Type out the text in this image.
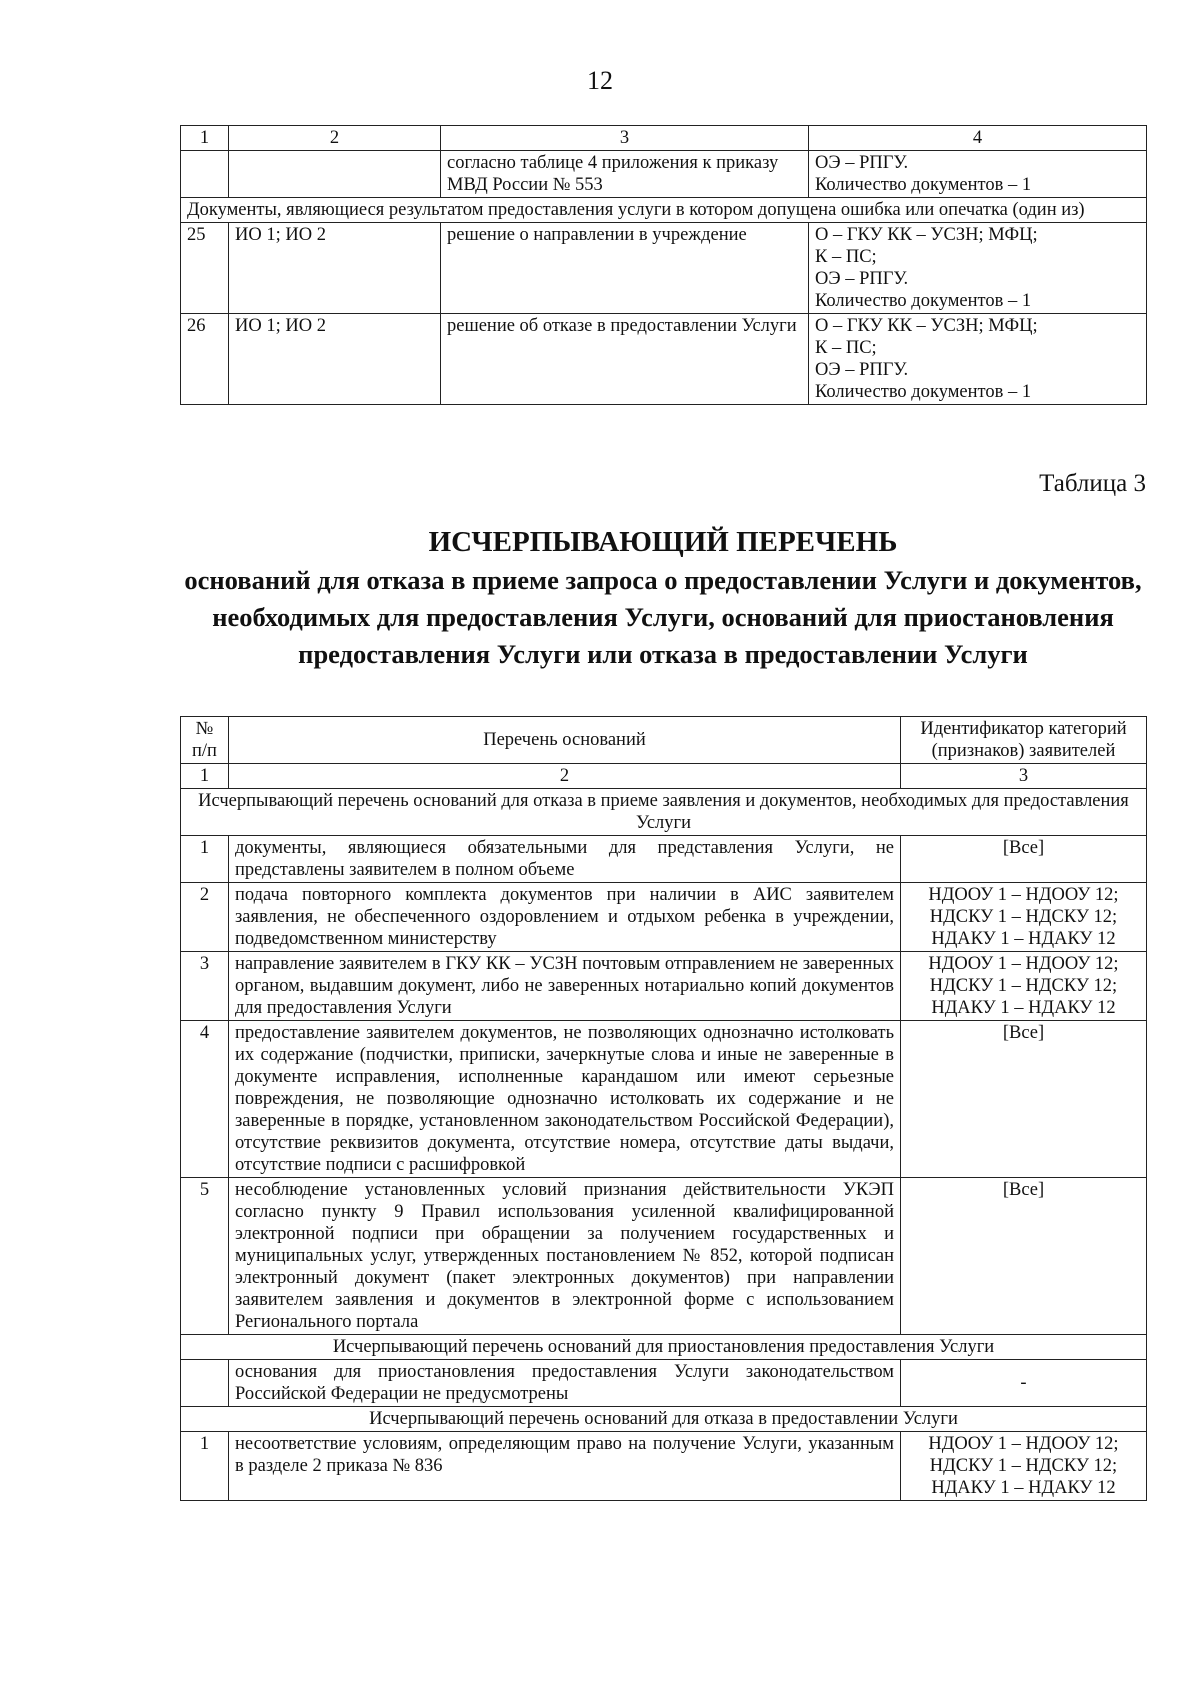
12
1	2	3	4
		согласно таблице 4 приложения к приказу МВД России № 553	ОЭ – РПГУ.
Количество документов – 1
Документы, являющиеся результатом предоставления услуги в котором допущена ошибка или опечатка (один из)			
25	ИО 1; ИО 2	решение о направлении в учреждение	О – ГКУ КК – УСЗН; МФЦ;
К – ПС;
ОЭ – РПГУ.
Количество документов – 1
26	ИО 1; ИО 2	решение об отказе в предоставлении Услуги	О – ГКУ КК – УСЗН; МФЦ;
К – ПС;
ОЭ – РПГУ.
Количество документов – 1
Таблица 3
ИСЧЕРПЫВАЮЩИЙ ПЕРЕЧЕНЬ
оснований для отказа в приеме запроса о предоставлении Услуги и документов, необходимых для предоставления Услуги, оснований для приостановления предоставления Услуги или отказа в предоставлении Услуги
№
п/п	Перечень оснований	Идентификатор категорий (признаков) заявителей
1	2	3
Исчерпывающий перечень оснований для отказа в приеме заявления и документов, необходимых для предоставления Услуги		
1	документы, являющиеся обязательными для представления Услуги, не представлены заявителем в полном объеме	[Все]
2	подача повторного комплекта документов при наличии в АИС заявителем заявления, не обеспеченного оздоровлением и отдыхом ребенка в учреждении, подведомственном министерству	НДООУ 1 – НДООУ 12;
НДСКУ 1 – НДСКУ 12;
НДАКУ 1 – НДАКУ 12
3	направление заявителем в ГКУ КК – УСЗН почтовым отправлением не заверенных органом, выдавшим документ, либо не заверенных нотариально копий документов для предоставления Услуги	НДООУ 1 – НДООУ 12;
НДСКУ 1 – НДСКУ 12;
НДАКУ 1 – НДАКУ 12
4	предоставление заявителем документов, не позволяющих однозначно истолковать их содержание (подчистки, приписки, зачеркнутые слова и иные не заверенные в документе исправления, исполненные карандашом или имеют серьезные повреждения, не позволяющие однозначно истолковать их содержание и не заверенные в порядке, установленном законодательством Российской Федерации), отсутствие реквизитов документа, отсутствие номера, отсутствие даты выдачи, отсутствие подписи с расшифровкой	[Все]
5	несоблюдение установленных условий признания действительности УКЭП согласно пункту 9 Правил использования усиленной квалифицированной электронной подписи при обращении за получением государственных и муниципальных услуг, утвержденных постановлением № 852, которой подписан электронный документ (пакет электронных документов) при направлении заявителем заявления и документов в электронной форме с использованием Регионального портала	[Все]
Исчерпывающий перечень оснований для приостановления предоставления Услуги		
	основания для приостановления предоставления Услуги законодательством Российской Федерации не предусмотрены	-
Исчерпывающий перечень оснований для отказа в предоставлении Услуги		
1	несоответствие условиям, определяющим право на получение Услуги, указанным в разделе 2 приказа № 836	НДООУ 1 – НДООУ 12;
НДСКУ 1 – НДСКУ 12;
НДАКУ 1 – НДАКУ 12
